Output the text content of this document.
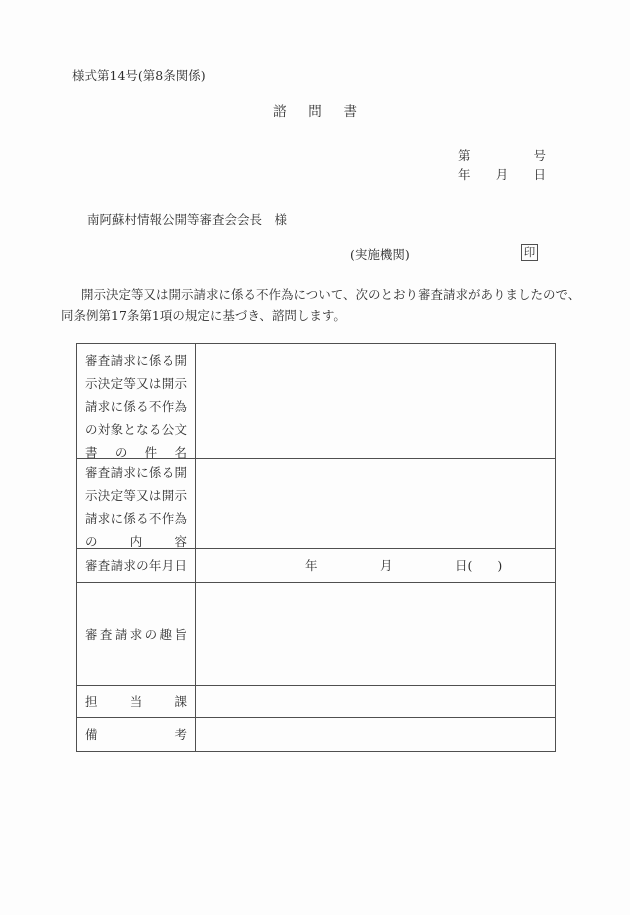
様式第14号(第8条関係)
諮 問 書
第
　	号
年 月 日
南阿蘇村情報公開等審査会会長　様
(実施機関)	印
開示決定等又は開示請求に係る不作為について、次のとおり審査請求がありましたので、
同条例第17条第1項の規定に基づき、諮問します。
審 査 請 求 に 係 る 開
示 決 定 等 又 は 開 示
請 求 に 係 る 不 作 為
の 対 象 と な る 公 文
書 の 件 名
審 査 請 求 に 係 る 開
示 決 定 等 又 は 開 示
請 求 に 係 る 不 作 為
の	内	容
審 査 請 求 の 年 月 日	年　　　　　月　　　　　日(　　)
審 査 請 求 の 趣 旨
担	当	課
備	考
